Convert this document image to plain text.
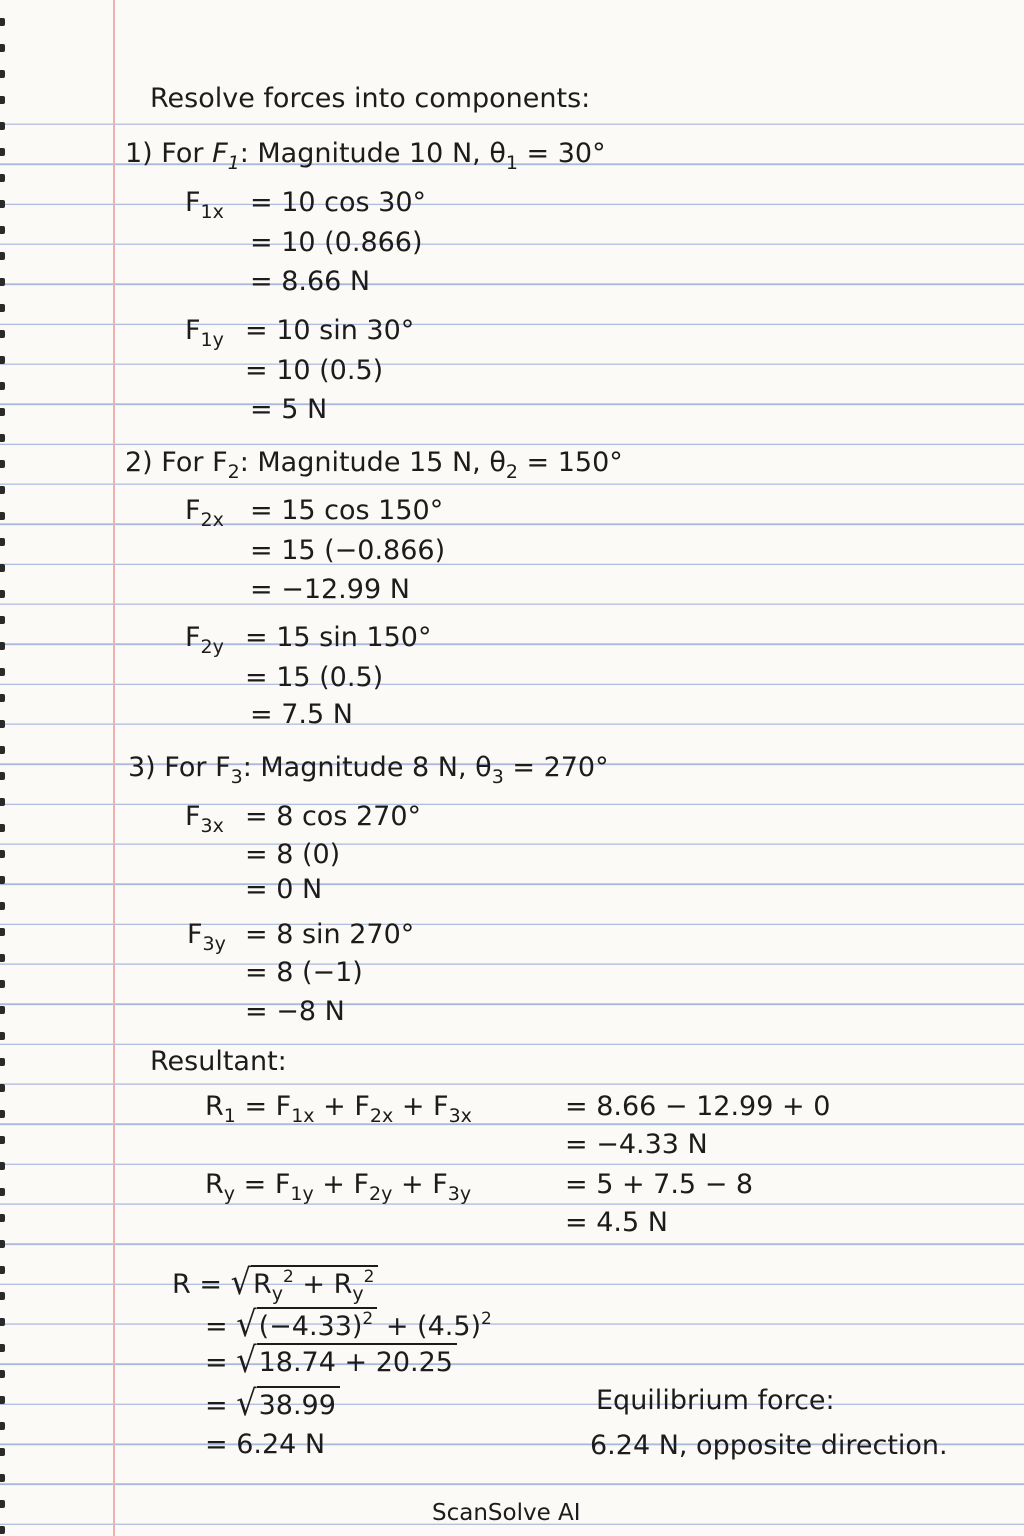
Resolve forces into components:
1) For $F_1$: Magnitude 10 N, $\theta_1 = 30^\circ$
$F_{1x} = 10$ cos 30°
= 10 (0.866)
= 8.66 N
$F_{1y} = 10$ sin 30°
= 10 (0.5)
= 5 N
2) For $F_2$: Magnitude 15 N, $\theta_2 = 150^\circ$
$F_{2x} = 15$ cos 150°
= 15 (−0.866)
= −12.99 N
$F_{2y} = 15$ sin 150°
= 15 (0.5)
= 7.5 N
3) For $F_3$: Magnitude 8 N, $\theta_3 = 270^\circ$
$F_{3x} = 8$ cos 270°
= 8 (0)
= 0 N
$F_{3y} = 8$ sin 270°
= 8 (−1)
= −8 N
Resultant:
$R_1 = F_{1x} + F_{2x} + F_{3x}$	= 8.66 − 12.99 + 0
= −4.33 N
$R_y = F_{1y} + F_{2y} + F_{3y}$	= 5 + 7.5 − 8
= 4.5 N
$R = √R_y^2 + R_y^2$
= $√(-4.33)^2 + (4.5)^2$
= √18.74 + 20.25
= √38.99
= 6.24 N
Equilibrium force:
6.24 N, opposite direction.
ScanSolve AI
